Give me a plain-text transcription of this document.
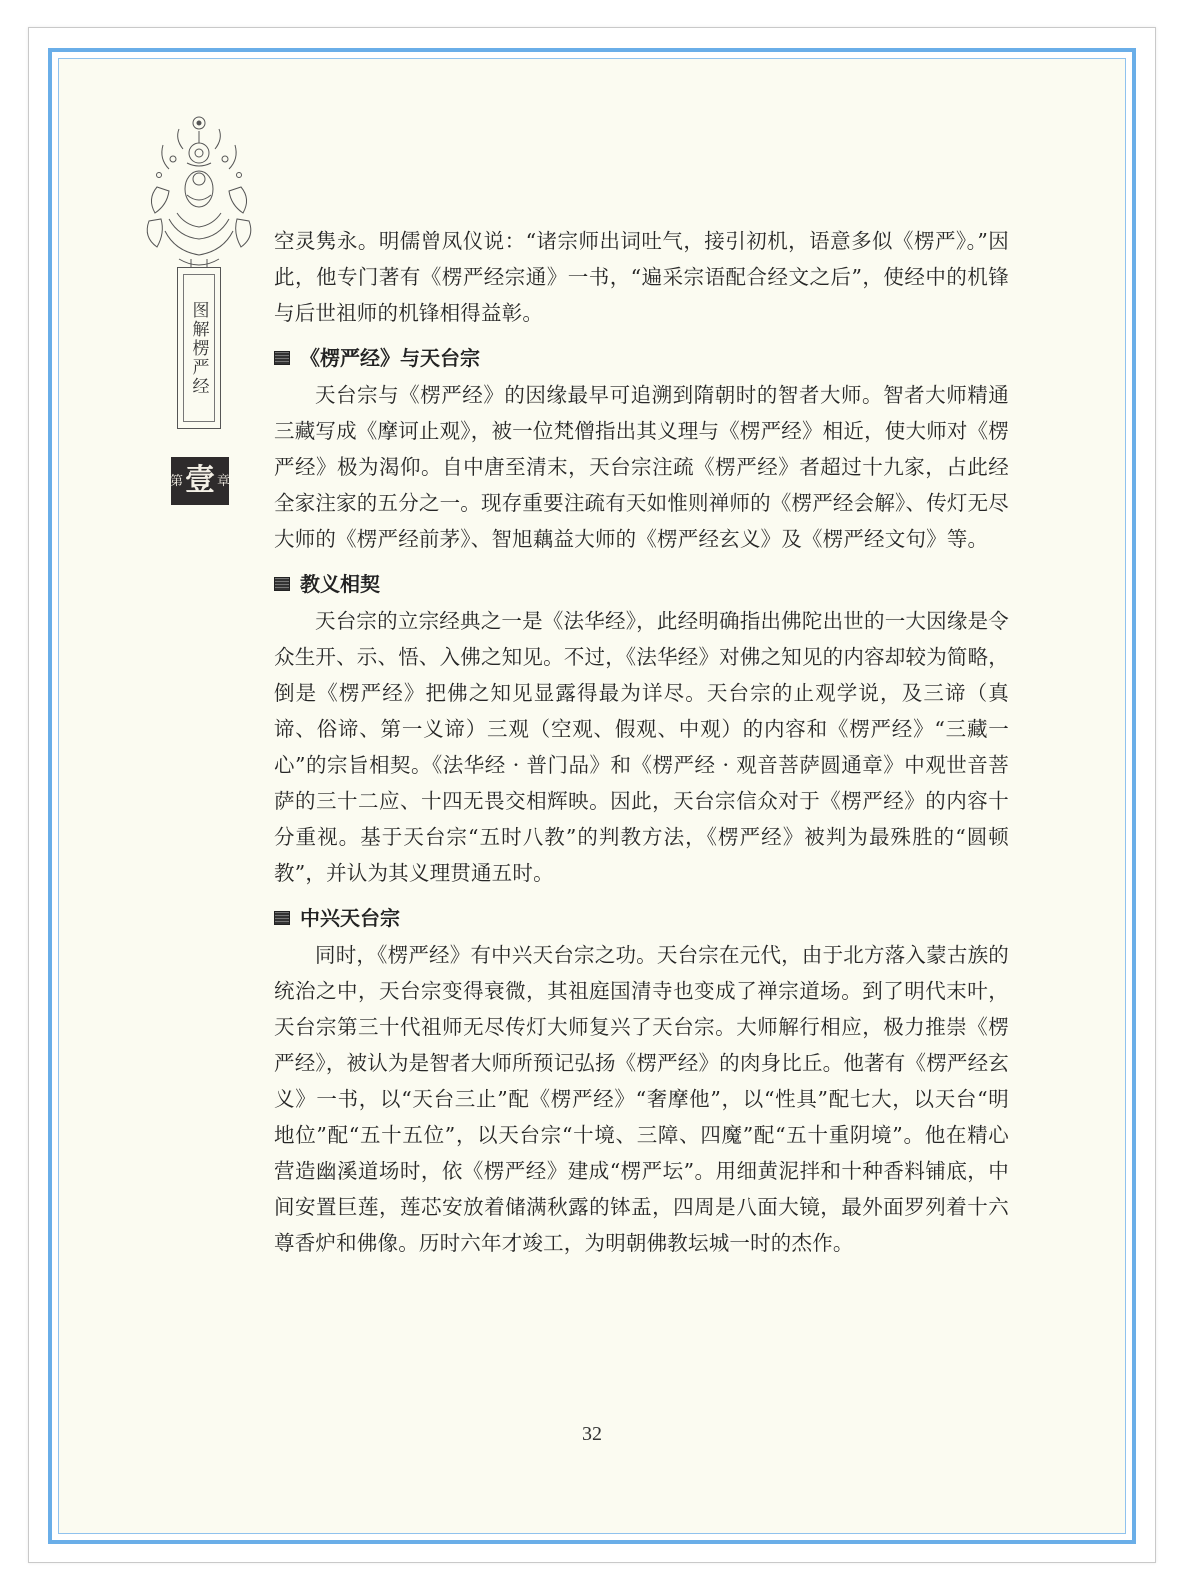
图解楞严经
第 壹 章

空灵隽永。明儒曾凤仪说：“诸宗师出词吐气，接引初机，语意多似《楞严》。”因此，他专门著有《楞严经宗通》一书，“遍采宗语配合经文之后”，使经中的机锋与后世祖师的机锋相得益彰。

《楞严经》与天台宗

天台宗与《楞严经》的因缘最早可追溯到隋朝时的智者大师。智者大师精通三藏写成《摩诃止观》，被一位梵僧指出其义理与《楞严经》相近，使大师对《楞严经》极为渴仰。自中唐至清末，天台宗注疏《楞严经》者超过十九家，占此经全家注家的五分之一。现存重要注疏有天如惟则禅师的《楞严经会解》、传灯无尽大师的《楞严经前茅》、智旭藕益大师的《楞严经玄义》及《楞严经文句》等。

教义相契

天台宗的立宗经典之一是《法华经》，此经明确指出佛陀出世的一大因缘是令众生开、示、悟、入佛之知见。不过，《法华经》对佛之知见的内容却较为简略，倒是《楞严经》把佛之知见显露得最为详尽。天台宗的止观学说，及三谛（真谛、俗谛、第一义谛）三观（空观、假观、中观）的内容和《楞严经》“三藏一心”的宗旨相契。《法华经 · 普门品》和《楞严经 · 观音菩萨圆通章》中观世音菩萨的三十二应、十四无畏交相辉映。因此，天台宗信众对于《楞严经》的内容十分重视。基于天台宗“五时八教”的判教方法，《楞严经》被判为最殊胜的“圆顿教”，并认为其义理贯通五时。

中兴天台宗

同时，《楞严经》有中兴天台宗之功。天台宗在元代，由于北方落入蒙古族的统治之中，天台宗变得衰微，其祖庭国清寺也变成了禅宗道场。到了明代末叶，天台宗第三十代祖师无尽传灯大师复兴了天台宗。大师解行相应，极力推崇《楞严经》，被认为是智者大师所预记弘扬《楞严经》的肉身比丘。他著有《楞严经玄义》一书，以“天台三止”配《楞严经》“奢摩他”，以“性具”配七大，以天台“明地位”配“五十五位”，以天台宗“十境、三障、四魔”配“五十重阴境”。他在精心营造幽溪道场时，依《楞严经》建成“楞严坛”。用细黄泥拌和十种香料铺底，中间安置巨莲，莲芯安放着储满秋露的钵盂，四周是八面大镜，最外面罗列着十六尊香炉和佛像。历时六年才竣工，为明朝佛教坛城一时的杰作。

32
